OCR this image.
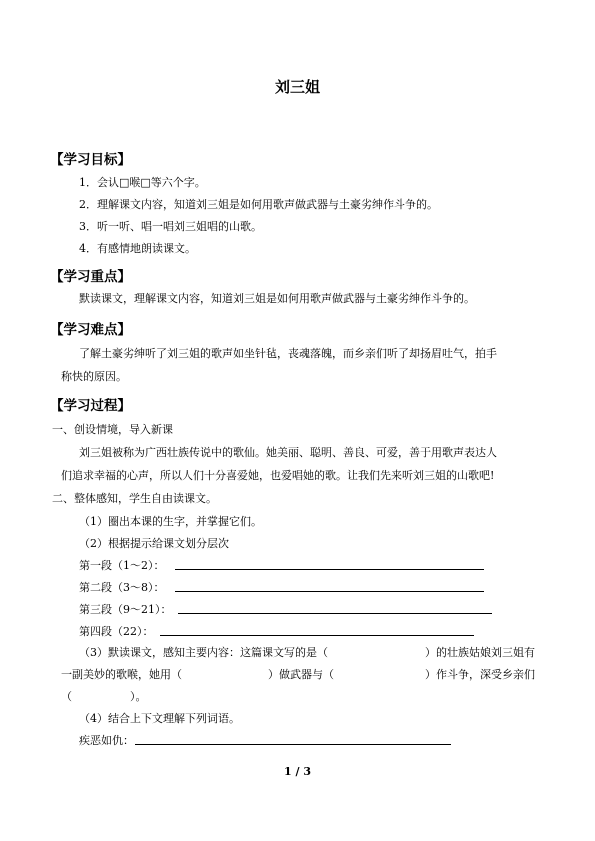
刘三姐
【学习目标】
1．会认□喉□等六个字。
2．理解课文内容，知道刘三姐是如何用歌声做武器与土豪劣绅作斗争的。
3．听一听、唱一唱刘三姐唱的山歌。
4．有感情地朗读课文。
【学习重点】
默读课文，理解课文内容，知道刘三姐是如何用歌声做武器与土豪劣绅作斗争的。
【学习难点】
了解土豪劣绅听了刘三姐的歌声如坐针毡，丧魂落魄，而乡亲们听了却扬眉吐气，拍手
称快的原因。
【学习过程】
一、创设情境，导入新课
刘三姐被称为广西壮族传说中的歌仙。她美丽、聪明、善良、可爱，善于用歌声表达人
们追求幸福的心声，所以人们十分喜爱她，也爱唱她的歌。让我们先来听刘三姐的山歌吧!
二、整体感知，学生自由读课文。
（1）圈出本课的生字，并掌握它们。
（2）根据提示给课文划分层次
第一段（1～2）：
第二段（3～8）：
第三段（9～21）：
第四段（22）：
（3）默读课文，感知主要内容：这篇课文写的是（	）的壮族姑娘刘三姐有
一副美妙的歌喉，她用（	）做武器与（	）作斗争，深受乡亲们
（	）。
（4）结合上下文理解下列词语。
疾恶如仇：
1 / 3
